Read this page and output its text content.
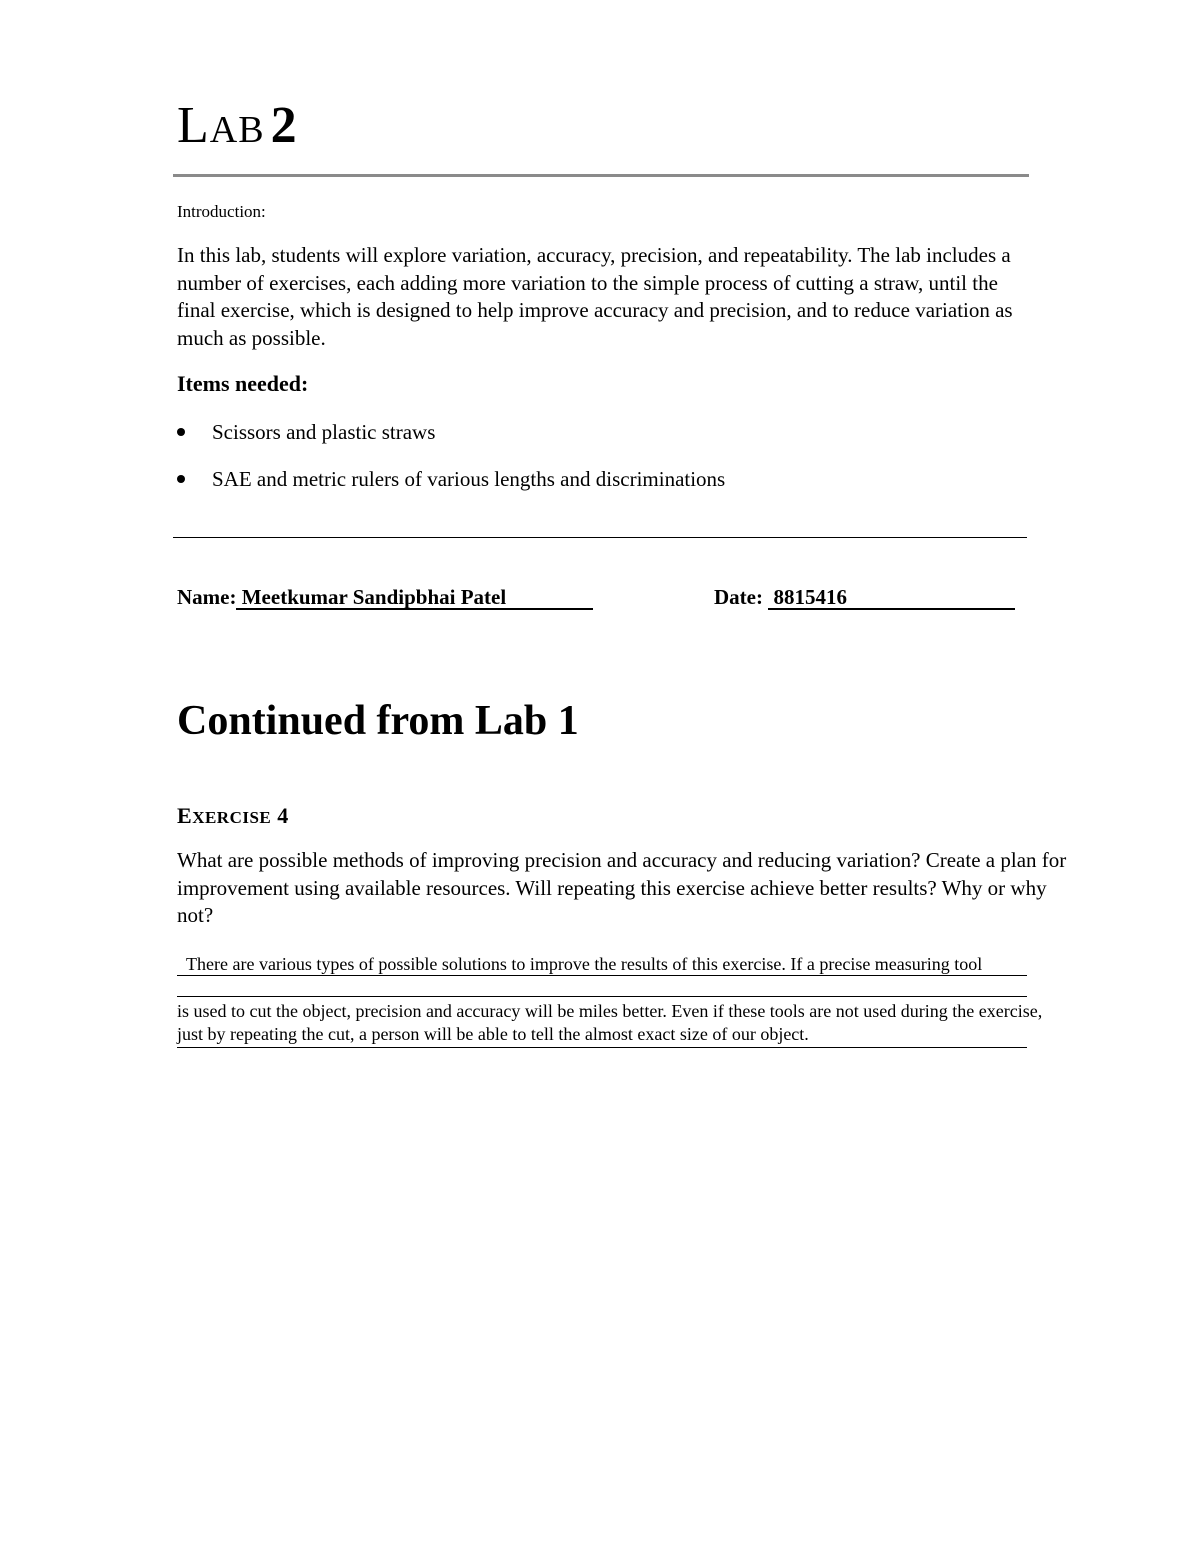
LAB 2

Introduction:

In this lab, students will explore variation, accuracy, precision, and repeatability. The lab includes a number of exercises, each adding more variation to the simple process of cutting a straw, until the final exercise, which is designed to help improve accuracy and precision, and to reduce variation as much as possible.

Items needed:
Scissors and plastic straws
SAE and metric rulers of various lengths and discriminations
Name: Meetkumar Sandipbhai Patel	Date: 8815416
Continued from Lab 1
EXERCISE 4

What are possible methods of improving precision and accuracy and reducing variation? Create a plan for improvement using available resources. Will repeating this exercise achieve better results? Why or why not?

There are various types of possible solutions to improve the results of this exercise. If a precise measuring tool

is used to cut the object, precision and accuracy will be miles better. Even if these tools are not used during the exercise, just by repeating the cut, a person will be able to tell the almost exact size of our object.
